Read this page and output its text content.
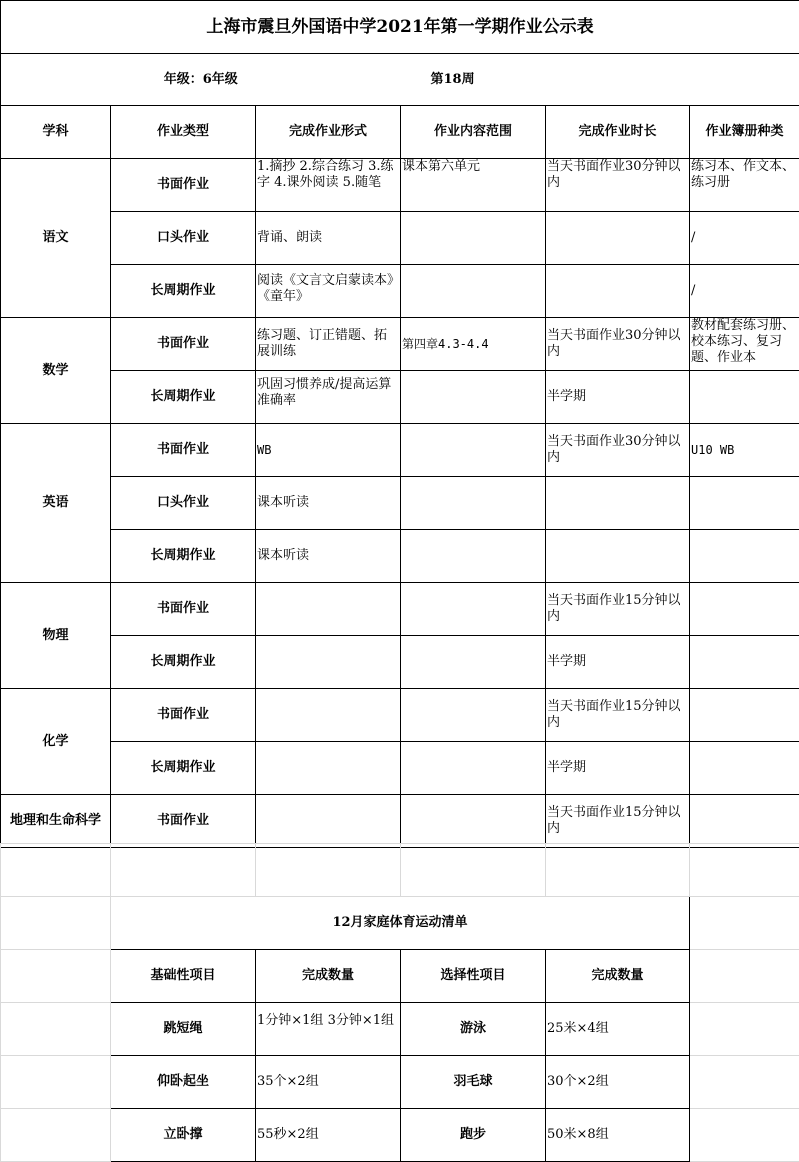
上海市震旦外国语中学2021年第一学期作业公示表					
年级：6年级			第18周		
学科	作业类型	完成作业形式	作业内容范围	完成作业时长	作业簿册种类
语文	书面作业	1.摘抄 2.综合练习 3.练字 4.课外阅读 5.随笔	课本第六单元	当天书面作业30分钟以内	练习本、作文本、练习册
	口头作业	背诵、朗读			/
	长周期作业	阅读《文言文启蒙读本》《童年》			/
数学	书面作业	练习题、订正错题、拓展训练	第四章4.3-4.4	当天书面作业30分钟以内	教材配套练习册、校本练习、复习题、作业本
	长周期作业	巩固习惯养成/提高运算准确率		半学期	
英语	书面作业	WB		当天书面作业30分钟以内	U10 WB
	口头作业	课本听读			
	长周期作业	课本听读			
物理	书面作业			当天书面作业15分钟以内	
	长周期作业			半学期	
化学	书面作业			当天书面作业15分钟以内	
	长周期作业			半学期	
地理和生命科学	书面作业			当天书面作业15分钟以内	

	12月家庭体育运动清单				
	基础性项目	完成数量	选择性项目	完成数量	
	跳短绳	1分钟×1组 3分钟×1组	游泳	25米×4组	
	仰卧起坐	35个×2组	羽毛球	30个×2组	
	立卧撑	55秒×2组	跑步	50米×8组	
